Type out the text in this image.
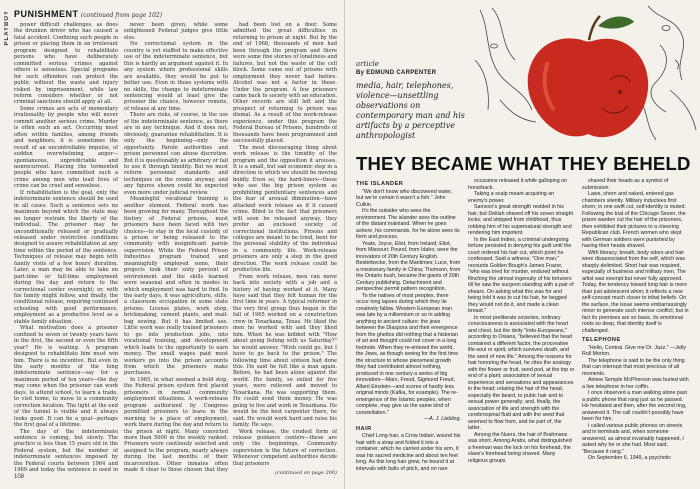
PLAYBOY PUNISHMENT (continued from page 102)

power difficult challenges, as does the drunken driver who has caused a fatal accident. Confining such people in prison or placing them in an irrelevant program designed to rehabilitate persons who have deliberately committed serious crimes against others is senseless. Special programs for such offenders can protect the public without the waste and injury risked by imprisonment, while law reform considers whether or not criminal sanctions should apply at all.

Some crimes are acts of momentary irrationality by people who will never commit another serious crime. Murder is often such an act. Occurring most often within families, among friends and neighbors, it is sometimes the result of an uncontrollable impulse, of sudden overwhelming anger—spontaneous, unpredictable and nonrecurrent. Placing the tormented people who have committed such a crime among men who lead lives of crime can be cruel and senseless.

If rehabilitation is the goal, only the indeterminate sentence should be used in all cases. Such a sentence sets no maximum beyond which the state may no longer restrain the liberty of the individual. The prisoner may be unconditionally released or gradually released under restrictive conditions designed to assure rehabilitation at any time within the period of the sentence. Techniques of release may begin with family visits of a few hours' duration. Later, a man may be able to take on part-time or full-time employment during the day and return to the correctional center overnight; or, with his family might follow, and finally, the conditional release, requiring continued schooling with good performance, employment as a productive level as a stable family situation.

What motivation does a prisoner confined to seven or twenty years have in the first, the second or even the fifth year? He is waiting. A program designed to rehabilitate him must win him. There is no incentive. But even in the early months of the long indeterminate sentence—say for a maximum period of ten years—the day may come when the prisoner can work days, to attend school, to learn a trade, to visit home, to move to a community correction location. The light at the end of the tunnel is visible and it always looks good. It can be a goal—perhaps the first goal of a lifetime.

The day of the indeterminate sentence is coming, but slowly. The practice is less than 15 years old in the Federal system, but the number of indeterminate sentences imposed by the Federal courts between 1964 and 1969 and today the sentence is used in

never been given, while some enlightened Federal judges give little else.

No correctional system in the country is yet staffed to make effective use of the indeterminate sentence, but this is hardly an argument against it. In any system where professional skills are available, they would be put to better use. Even in those systems with no skills, the change to indeterminate sentencing would at least give the prisoner the chance, however remote, of release at any time.

There are risks, of course, in the use of the indeterminate sentence, as there are in any technique. And it does not, obviously, guarantee rehabilitation. It is only the beginning—only the opportunity. Parole authorities and prison personnel can abuse discretion. But it is questionably as arbitrary or fail to use it through timidity. But we must reform personnel standards and techniques on the rooms anyway, and any figures shown could be expected even more under judicial review.

Meaningful vocational training is another element. Federal work has been growing for many. Throughout the history of Federal prisons, most prisoners have been faced with two choices—to stay in the local custody of a prison or being released to the community with insignificant parole supervision. While the Federal Prison Industries program trained and meaningfully employed some, their projects took their sixty percent of environment and the skills learned were seasonal and often in modes in which employment was hard to find. In the early days, it was agriculture, stills, a classroom occupation in some state prisons. License plates, work shop, brickmaking, cement plants, and mail-bag sewing. But it has limited use. Little work was really trained prisoners to go into production jobs, into vocational training, and development which leads to the opportunity to earn money. The small wages paid most workers go into the prison accounts from which the prisoners make purchases.

In 1965, in what seemed a bold step, the Federal prison system first placed prisoners in normal community employment situations. A work-release program authorized by Congress permitted prisoners to leave in the morning to a place of employment, work there during the day and return to the prison at night. Many convicted more than 5000 in the weekly ranked. Prisoners were cautiously selected and assigned to the program, nearly always during the last months of their incarceration. Other inmates often made it clear to those chosen that they

had been lost on a door. Some admitted the great difficulties in returning to prison at night. But by the end of 1968, thousands of men had been through the program and there were some fine stories of loneliness and failures, but not the waste of the cell block. Some came out of prisons with employment they never had before. Alcohol was not a factor in these. Under the program. A few prisoners came back to society with an education. Other records are still left and the prospect of returning to prison was dismal. As a result of the work-release experience, under this program the Federal Bureau of Prisons, hundreds of thousands have been programmed and successfully placed.

The most discouraging thing about work release is the timidity of the program and the opposition it arouses. It is a small, but sad economic step in a direction in which we should be moving boldly. Even so, the hard-liners—those who see the big prison system as prohibiting penitentiary sentences and the fear of arousal diminution—have attacked work release as if it caused crime. Blind to the fact that prisoners will soon be released anyway, they prefer an enclosed society of correctional institutions. Prisons and colleges are meant to be tried, bent for the personal stability of the individual in a community life. Work-release prisoners are only a step in the good direction. The work release could be productive life.

From work release, men can move back into society with a job and a history of having worked at it. Many have said that they felt human for the first time in years. A typical reformer in the very first group thus began in the fall of 1965 worked on a construction crew in Texarkana, Texas. He liked the men he worked with and they liked him. When he was kidded with "How about going fishing with us Saturday?" he would answer, "Wish could go, but I have to go back to the prison." The following time about sixteen had done this. He said he felt like a man again. Before, he had been alone against the world. His family, so exiled for five years, were relieved and moved to Texarkana. He was supporting them. He could send them money. He was going to live and work in Texarkana. He would be the best carpenter there, he said. He would work hard and raise his family. He says.

Work release, the crudest form of release guidance centers—these are only the beginnings. Community supervision is the future of correction. Whenever competent authorities decide that prisoners

(continued on page 200)
108
article
By EDMUND CARPENTER
media, hair, telephones, violence—unsettling observations on contemporary man and his artifacts by a perceptive anthropologist
THEY BECAME WHAT THEY BEHELD

THE ISLANDER

"We don't know who discovered water, but we're certain it wasn't a fish." John Culkin.

It's the outsider who sees the environment. The islander sees the outline of the distant mainland. When he goes ashore, his commands, for he alone sees its form and process.

Yeats, Joyce, Eliot, from Ireland; Eliot, from Missouri; Pound, from Idaho, were the innovators of 20th Century English. Beiderbecke, from the Maritimes; Luce, from a missionary family in China; Thomson, from the Ontario bush, became the giants of 20th Century publishing. Detachment and perspective permit pattern recognition.

To the natives of most peoples, there occur long lapses during which they lie creatively fallow. Western European man was late by a millennium or so in adding anything to ancient culture: the jews between the Diaspora and their emergence from the ghettos did nothing that a historian of art and thought could not cover in a long footnote. When they re-entered the world, the Jews, as though seeing for the first time the structure to whose piecemeal growth they had contributed almost nothing, produced in one century a series of big innovators—Marx, Freud, Sigmund Freud, Albert Einstein—and scores of hardly less original minds (Kafka, for example). The re-emergence of the Islamic peoples, when complete, may give us the same kind of constellation."

—A. J. Liebling.

HAIR

Chief Long-hair, a Crow Indian, wound his hair with a strap and folded it into a container, which he carried under his arm. It was his sacred medicine and about ten feet long. As this long hair grew, he bound it at intervals with balls of pitch, and on rare

occasions released it while galloping on horseback.

Taking a scalp meant acquiring an enemy's power.

Samson's great strength resided in his hair, but Delilah shaved off his seven straight locks; and stripped from childhood, thus robbing him of his supernatural strength and rendering him impotent.

In the East Indies, a criminal undergoing torture persisted in denying his guilt until the court ordered his hair cut, which point he confessed. Said a witness: "One man," recounts Golden Bough's James Frazer, "who was tried for murder, endured without flinching the utmost ingenuity of his torturers till he saw the surgeon standing with a pair of shears. On asking what this was for and being told it was to cut his hair, he begged they would not do it, and made a clean breast."

In most preliterate societies, ordinary consciousness is associated with the heart and chest, but the deity "indo-Europeans," according to Onians, "believed that the head contained a different factor, the procreative life-soul or spirit, which survives death, and the seed of new life." Among the reasons for hair honoring the head, he cites the analogy with the flower or fruit, seed pod, at the top or end of a plant; association of sexual experience and sensations and appearances in the head; relating the hair of the head, especially the beard, to pubic hair and to sexual power generally; and, finally, the association of life and strength with the cerebrospinal fluid and with the seed that seemed to flow from, and be part of, the latter.

Among the Nuers, the hair of Brahmans was short. Among Arabs, what distinguished a freeman was the lock on his forehead, the slave's forehead being shaved. Many religious groups

shaved their heads as a symbol of submission.

Laws, shorn and naked, entered gas chambers silently. Military inductees first shorn; in one swift cut, self-identity is muted. Following the trial of the Chicago Seven, the prison warden cut the hair of the prisoners, then exhibited their pictures to a cheering Republican club. French women who slept with German soldiers were punished by having their heads shaved.

With literacy, breath, body odors and hair were disassociated from the self, which was sharply delimited. Short hair was required, especially of business and military men. The artist was exempt but never fully approved. Today, the tendency toward long hair is more than just adolescent whim; it reflects a new self-concept much closer to tribal beliefs. On the surface, the issue seems embarrassingly minor to generate such intense conflict; but in fact its premises are so basic, its emotional roots so deep, that identity itself is challenged.

TELEPHONE

"Hello, Central. Give me Dr. Jazz." —Jelly Roll Morton.

The telephone is said to be the only thing that can interrupt that most precious of all moments.

Aimee Semple McPherson was buried with a live telephone in her coffin.

I once observed a man walking alone past a public phone that rang just as he passed. He hesitated and then, after the second ring, answered it. The call couldn't possibly have been for him.

I called various public phones on streets and in terminals and, when someone answered, as almost invariably happened, I asked why he or she had. Most said, "Because it rang."

On September 6, 1949, a psychotic
